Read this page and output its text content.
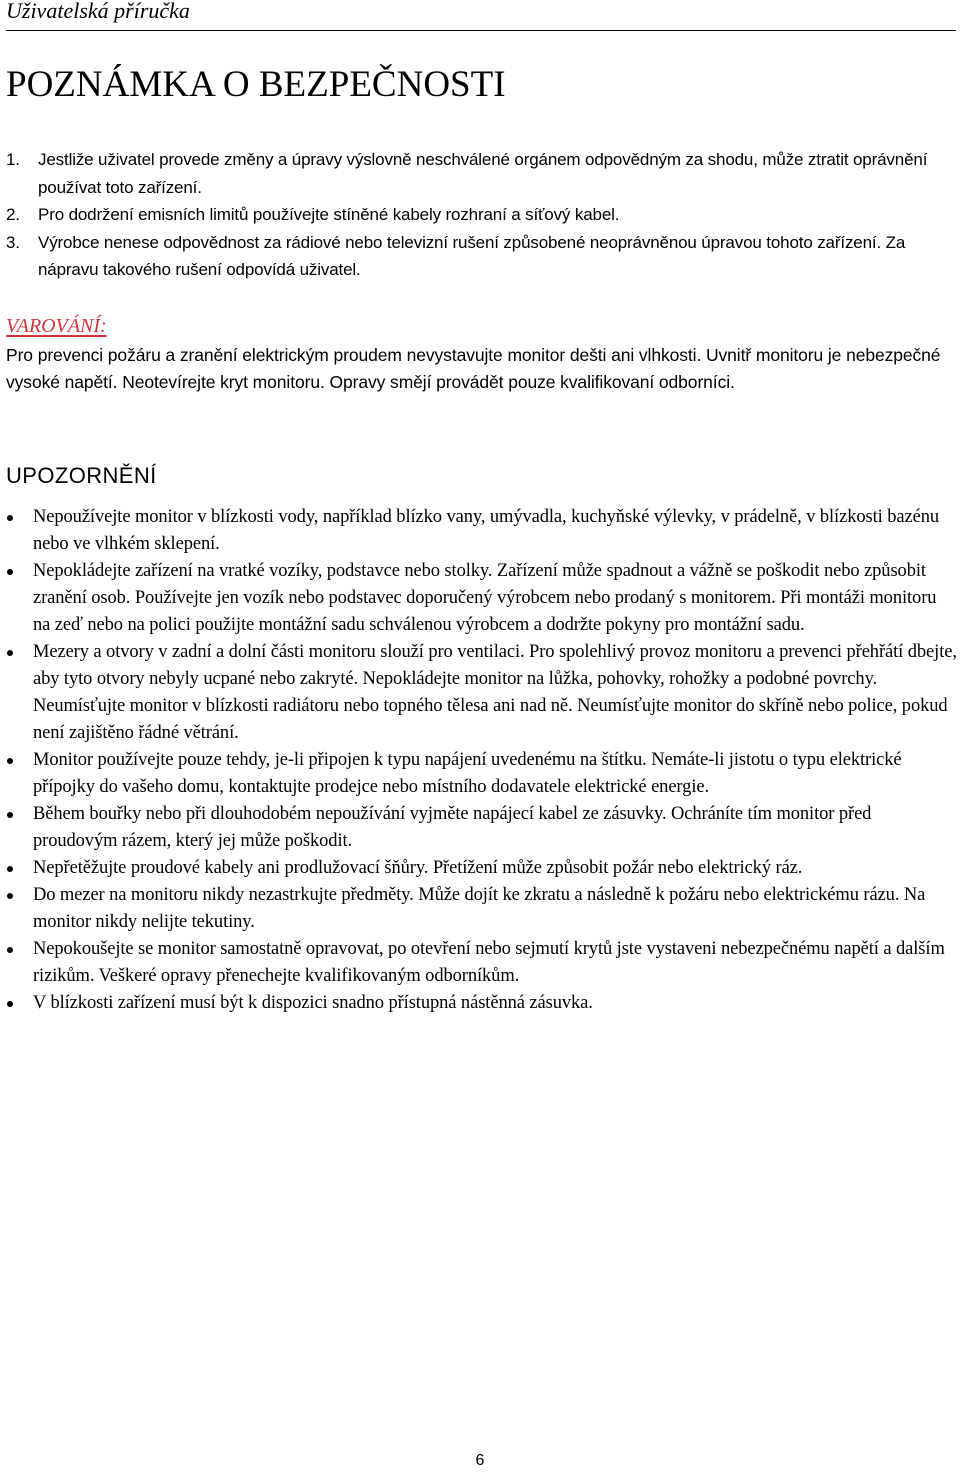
Uživatelská příručka
POZNÁMKA O BEZPEČNOSTI
1. Jestliže uživatel provede změny a úpravy výslovně neschválené orgánem odpovědným za shodu, může ztratit oprávnění používat toto zařízení.
2. Pro dodržení emisních limitů používejte stíněné kabely rozhraní a síťový kabel.
3. Výrobce nenese odpovědnost za rádiové nebo televizní rušení způsobené neoprávněnou úpravou tohoto zařízení. Za nápravu takového rušení odpovídá uživatel.
VAROVÁNÍ:

Pro prevenci požáru a zranění elektrickým proudem nevystavujte monitor dešti ani vlhkosti. Uvnitř monitoru je nebezpečné vysoké napětí. Neotevírejte kryt monitoru. Opravy smějí provádět pouze kvalifikovaní odborníci.

UPOZORNĚNÍ
Nepoužívejte monitor v blízkosti vody, například blízko vany, umývadla, kuchyňské výlevky, v prádelně, v blízkosti bazénu nebo ve vlhkém sklepení.
Nepokládejte zařízení na vratké vozíky, podstavce nebo stolky. Zařízení může spadnout a vážně se poškodit nebo způsobit zranění osob. Používejte jen vozík nebo podstavec doporučený výrobcem nebo prodaný s monitorem. Při montáži monitoru na zeď nebo na polici použijte montážní sadu schválenou výrobcem a dodržte pokyny pro montážní sadu.
Mezery a otvory v zadní a dolní části monitoru slouží pro ventilaci. Pro spolehlivý provoz monitoru a prevenci přehřátí dbejte, aby tyto otvory nebyly ucpané nebo zakryté. Nepokládejte monitor na lůžka, pohovky, rohožky a podobné povrchy. Neumísťujte monitor v blízkosti radiátoru nebo topného tělesa ani nad ně. Neumísťujte monitor do skříně nebo police, pokud není zajištěno řádné větrání.
Monitor používejte pouze tehdy, je-li připojen k typu napájení uvedenému na štítku. Nemáte-li jistotu o typu elektrické přípojky do vašeho domu, kontaktujte prodejce nebo místního dodavatele elektrické energie.
Během bouřky nebo při dlouhodobém nepoužívání vyjměte napájecí kabel ze zásuvky. Ochráníte tím monitor před proudovým rázem, který jej může poškodit.
Nepřetěžujte proudové kabely ani prodlužovací šňůry. Přetížení může způsobit požár nebo elektrický ráz.
Do mezer na monitoru nikdy nezastrkujte předměty. Může dojít ke zkratu a následně k požáru nebo elektrickému rázu. Na monitor nikdy nelijte tekutiny.
Nepokoušejte se monitor samostatně opravovat, po otevření nebo sejmutí krytů jste vystaveni nebezpečnému napětí a dalším rizikům. Veškeré opravy přenechejte kvalifikovaným odborníkům.
V blízkosti zařízení musí být k dispozici snadno přístupná nástěnná zásuvka.
6
